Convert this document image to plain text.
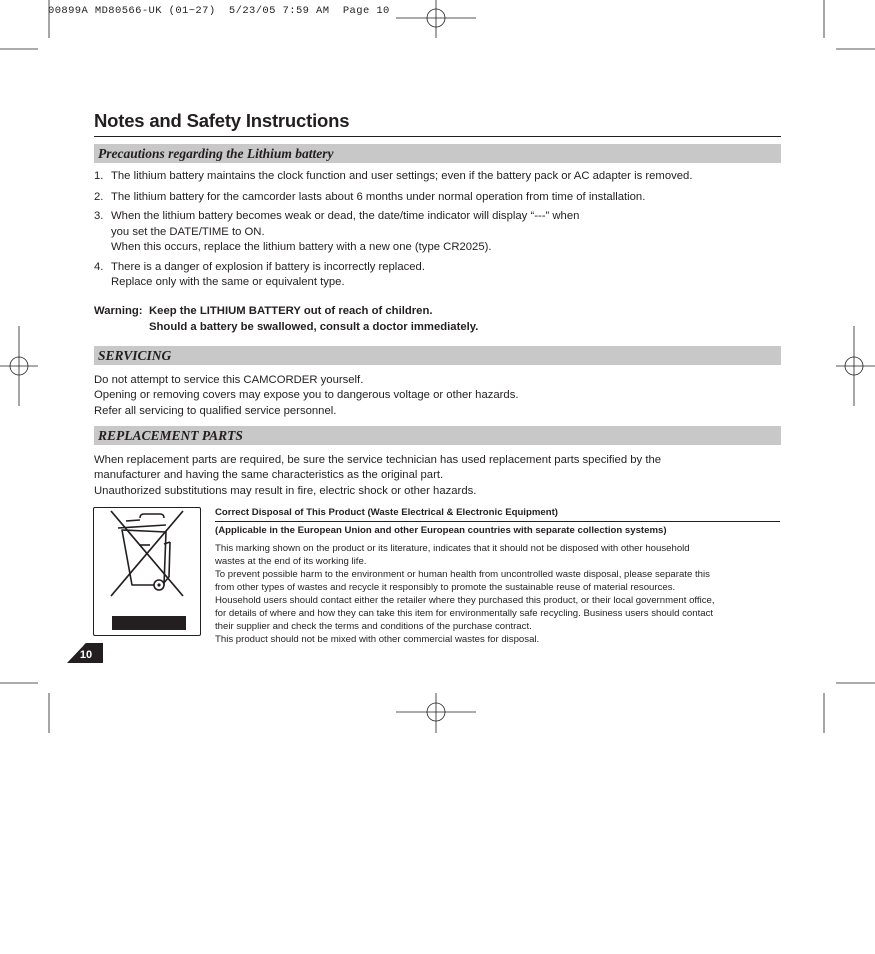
00899A MD80566-UK (01~27)  5/23/05 7:59 AM  Page 10
Notes and Safety Instructions
Precautions regarding the Lithium battery
1. The lithium battery maintains the clock function and user settings; even if the battery pack or AC adapter is removed.
2. The lithium battery for the camcorder lasts about 6 months under normal operation from time of installation.
3. When the lithium battery becomes weak or dead, the date/time indicator will display “---” when
you set the DATE/TIME to ON.
When this occurs, replace the lithium battery with a new one (type CR2025).
4. There is a danger of explosion if battery is incorrectly replaced.
Replace only with the same or equivalent type.
Warning: Keep the LITHIUM BATTERY out of reach of children.
Should a battery be swallowed, consult a doctor immediately.
SERVICING

Do not attempt to service this CAMCORDER yourself.

Opening or removing covers may expose you to dangerous voltage or other hazards.

Refer all servicing to qualified service personnel.

REPLACEMENT PARTS

When replacement parts are required, be sure the service technician has used replacement parts specified by the

manufacturer and having the same characteristics as the original part.

Unauthorized substitutions may result in fire, electric shock or other hazards.

Correct Disposal of This Product (Waste Electrical & Electronic Equipment)
(Applicable in the European Union and other European countries with separate collection systems)

This marking shown on the product or its literature, indicates that it should not be disposed with other household

wastes at the end of its working life.

To prevent possible harm to the environment or human health from uncontrolled waste disposal, please separate this

from other types of wastes and recycle it responsibly to promote the sustainable reuse of material resources.

Household users should contact either the retailer where they purchased this product, or their local government office,

for details of where and how they can take this item for environmentally safe recycling. Business users should contact

their supplier and check the terms and conditions of the purchase contract.

This product should not be mixed with other commercial wastes for disposal.

10
